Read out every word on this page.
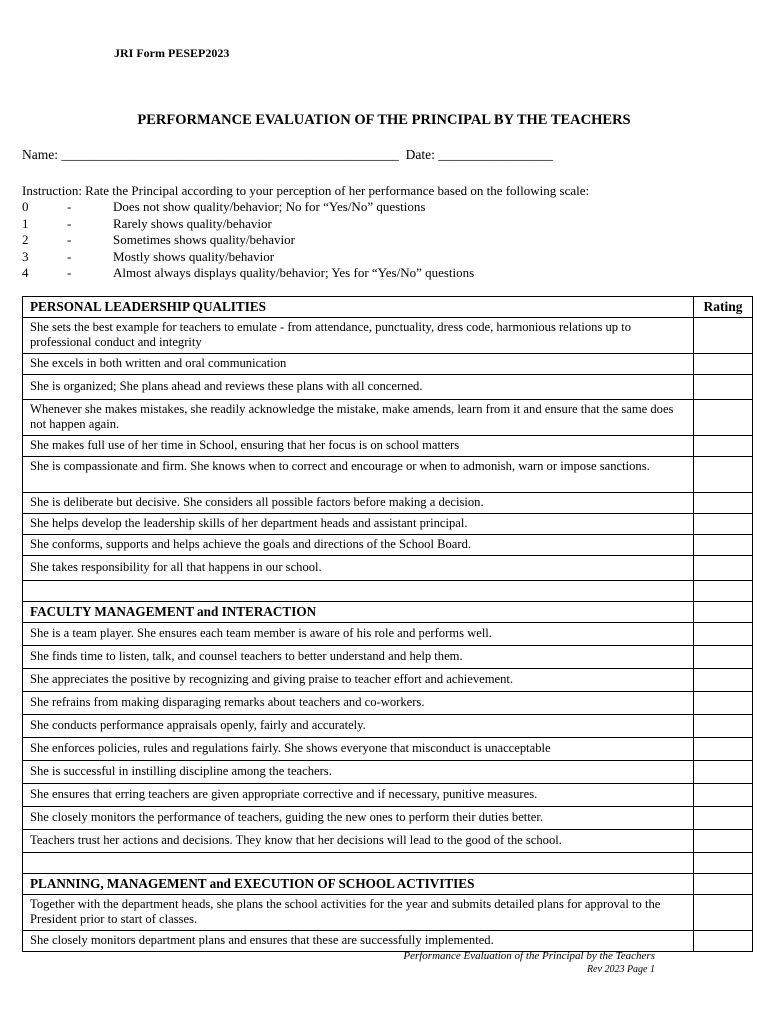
JRI Form PESEP2023
PERFORMANCE EVALUATION OF THE PRINCIPAL BY THE TEACHERS
Name: __________________________________________________ Date: _________________
Instruction: Rate the Principal according to your perception of her performance based on the following scale:
0	-	Does not show quality/behavior; No for “Yes/No” questions
1	-	Rarely shows quality/behavior
2	-	Sometimes shows quality/behavior
3	-	Mostly shows quality/behavior
4	-	Almost always displays quality/behavior; Yes for “Yes/No” questions
PERSONAL LEADERSHIP QUALITIES	Rating
She sets the best example for teachers to emulate - from attendance, punctuality, dress code, harmonious relations up to professional conduct and integrity	
She excels in both written and oral communication	
She is organized; She plans ahead and reviews these plans with all concerned.	
Whenever she makes mistakes, she readily acknowledge the mistake, make amends, learn from it and ensure that the same does not happen again.	
She makes full use of her time in School, ensuring that her focus is on school matters	
She is compassionate and firm. She knows when to correct and encourage or when to admonish, warn or impose sanctions.	
She is deliberate but decisive. She considers all possible factors before making a decision.	
She helps develop the leadership skills of her department heads and assistant principal.	
She conforms, supports and helps achieve the goals and directions of the School Board.	
She takes responsibility for all that happens in our school.	

FACULTY MANAGEMENT and INTERACTION	
She is a team player. She ensures each team member is aware of his role and performs well.	
She finds time to listen, talk, and counsel teachers to better understand and help them.	
She appreciates the positive by recognizing and giving praise to teacher effort and achievement.	
She refrains from making disparaging remarks about teachers and co-workers.	
She conducts performance appraisals openly, fairly and accurately.	
She enforces policies, rules and regulations fairly. She shows everyone that misconduct is unacceptable	
She is successful in instilling discipline among the teachers.	
She ensures that erring teachers are given appropriate corrective and if necessary, punitive measures.	
She closely monitors the performance of teachers, guiding the new ones to perform their duties better.	
Teachers trust her actions and decisions. They know that her decisions will lead to the good of the school.	

PLANNING, MANAGEMENT and EXECUTION OF SCHOOL ACTIVITIES	
Together with the department heads, she plans the school activities for the year and submits detailed plans for approval to the President prior to start of classes.	
She closely monitors department plans and ensures that these are successfully implemented.	
Performance Evaluation of the Principal by the Teachers
Rev 2023 Page 1
